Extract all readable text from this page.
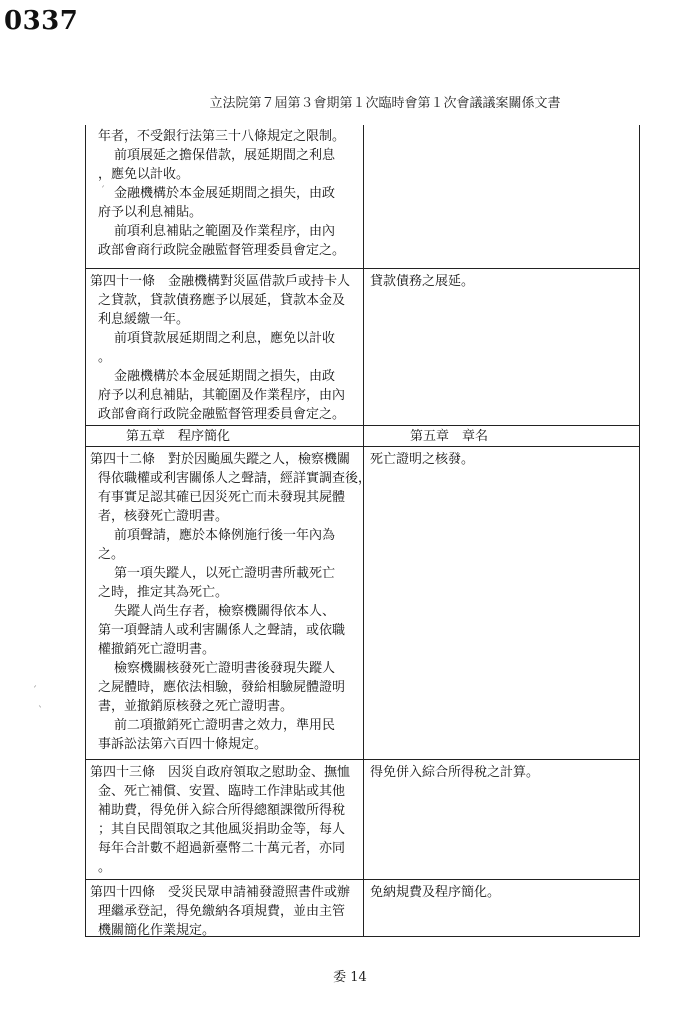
0337
立法院第７屆第３會期第１次臨時會第１次會議議案關係文書
年者，不受銀行法第三十八條規定之限制。
前項展延之擔保借款，展延期間之利息
，應免以計收。
金融機構於本金展延期間之損失，由政
府予以利息補貼。
前項利息補貼之範圍及作業程序，由內
政部會商行政院金融監督管理委員會定之。
第四十一條　金融機構對災區借款戶或持卡人
之貸款，貸款債務應予以展延，貸款本金及
利息緩繳一年。
前項貸款展延期間之利息，應免以計收
。
金融機構於本金展延期間之損失，由政
府予以利息補貼，其範圍及作業程序，由內
政部會商行政院金融監督管理委員會定之。
貸款債務之展延。
第五章　程序簡化	第五章　章名
第四十二條　對於因颱風失蹤之人，檢察機關
得依職權或利害關係人之聲請，經詳實調查後，
有事實足認其確已因災死亡而未發現其屍體
者，核發死亡證明書。
前項聲請，應於本條例施行後一年內為
之。
第一項失蹤人，以死亡證明書所載死亡
之時，推定其為死亡。
失蹤人尚生存者，檢察機關得依本人、
第一項聲請人或利害關係人之聲請，或依職
權撤銷死亡證明書。
檢察機關核發死亡證明書後發現失蹤人
之屍體時，應依法相驗，發給相驗屍體證明
書，並撤銷原核發之死亡證明書。
前二項撤銷死亡證明書之效力，準用民
事訴訟法第六百四十條規定。
死亡證明之核發。
第四十三條　因災自政府領取之慰助金、撫恤
金、死亡補償、安置、臨時工作津貼或其他
補助費，得免併入綜合所得總額課徵所得稅
；其自民間領取之其他風災捐助金等，每人
每年合計數不超過新臺幣二十萬元者，亦同
。
得免併入綜合所得稅之計算。
第四十四條　受災民眾申請補發證照書件或辦
理繼承登記，得免繳納各項規費，並由主管
機關簡化作業規定。
免納規費及程序簡化。
委 14
ˊ
ˋ
ˊ
